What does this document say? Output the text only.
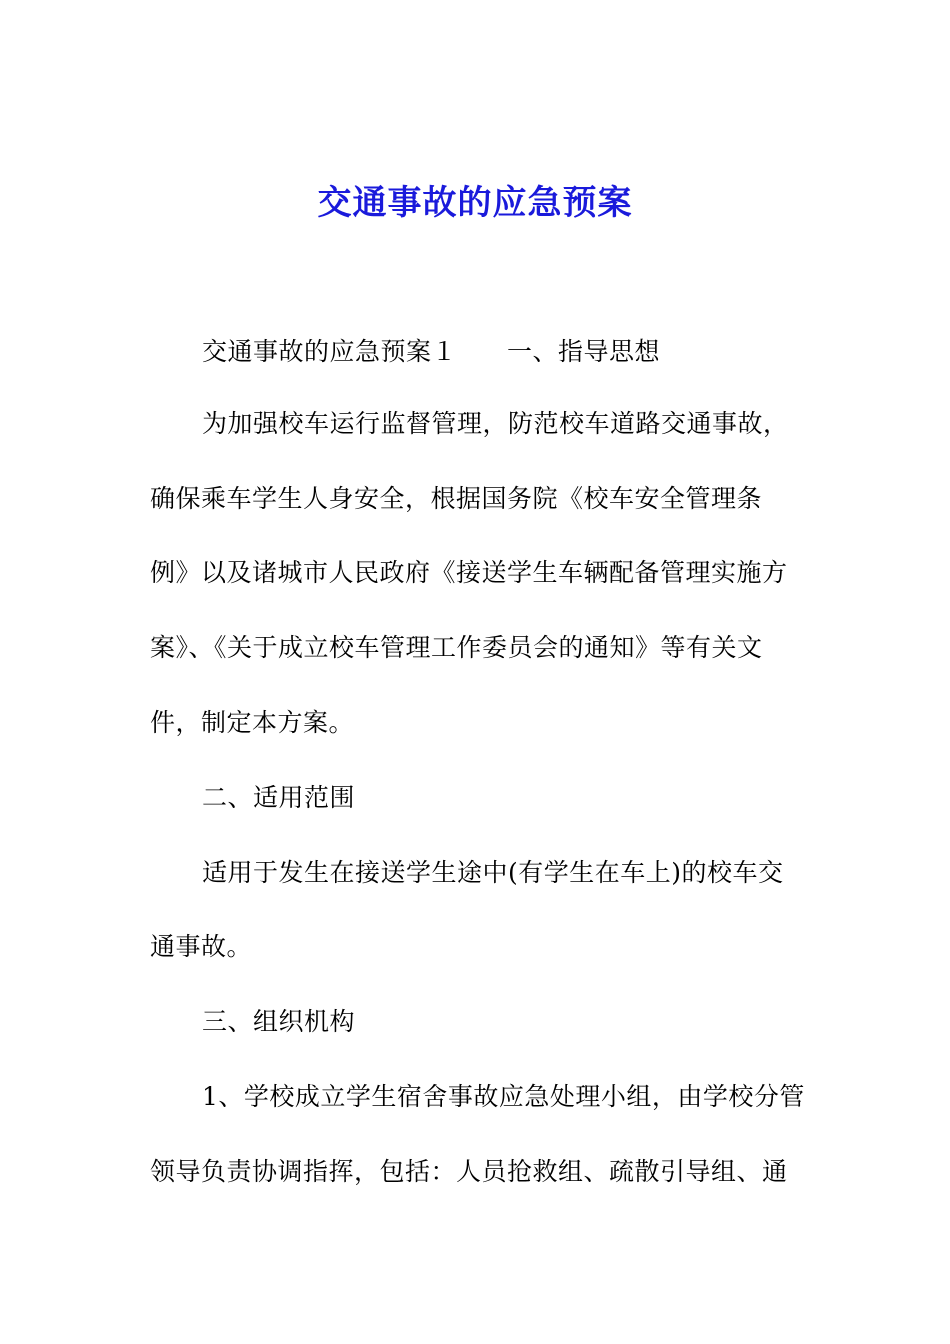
交通事故的应急预案
交通事故的应急预案１ 一、指导思想
为加强校车运行监督管理，防范校车道路交通事故，
确保乘车学生人身安全，根据国务院《校车安全管理条
例》以及诸城市人民政府《接送学生车辆配备管理实施方
案》、《关于成立校车管理工作委员会的通知》等有关文
件，制定本方案。
二、适用范围
适用于发生在接送学生途中(有学生在车上)的校车交
通事故。
三、组织机构
1、学校成立学生宿舍事故应急处理小组，由学校分管
领导负责协调指挥，包括：人员抢救组、疏散引导组、通
